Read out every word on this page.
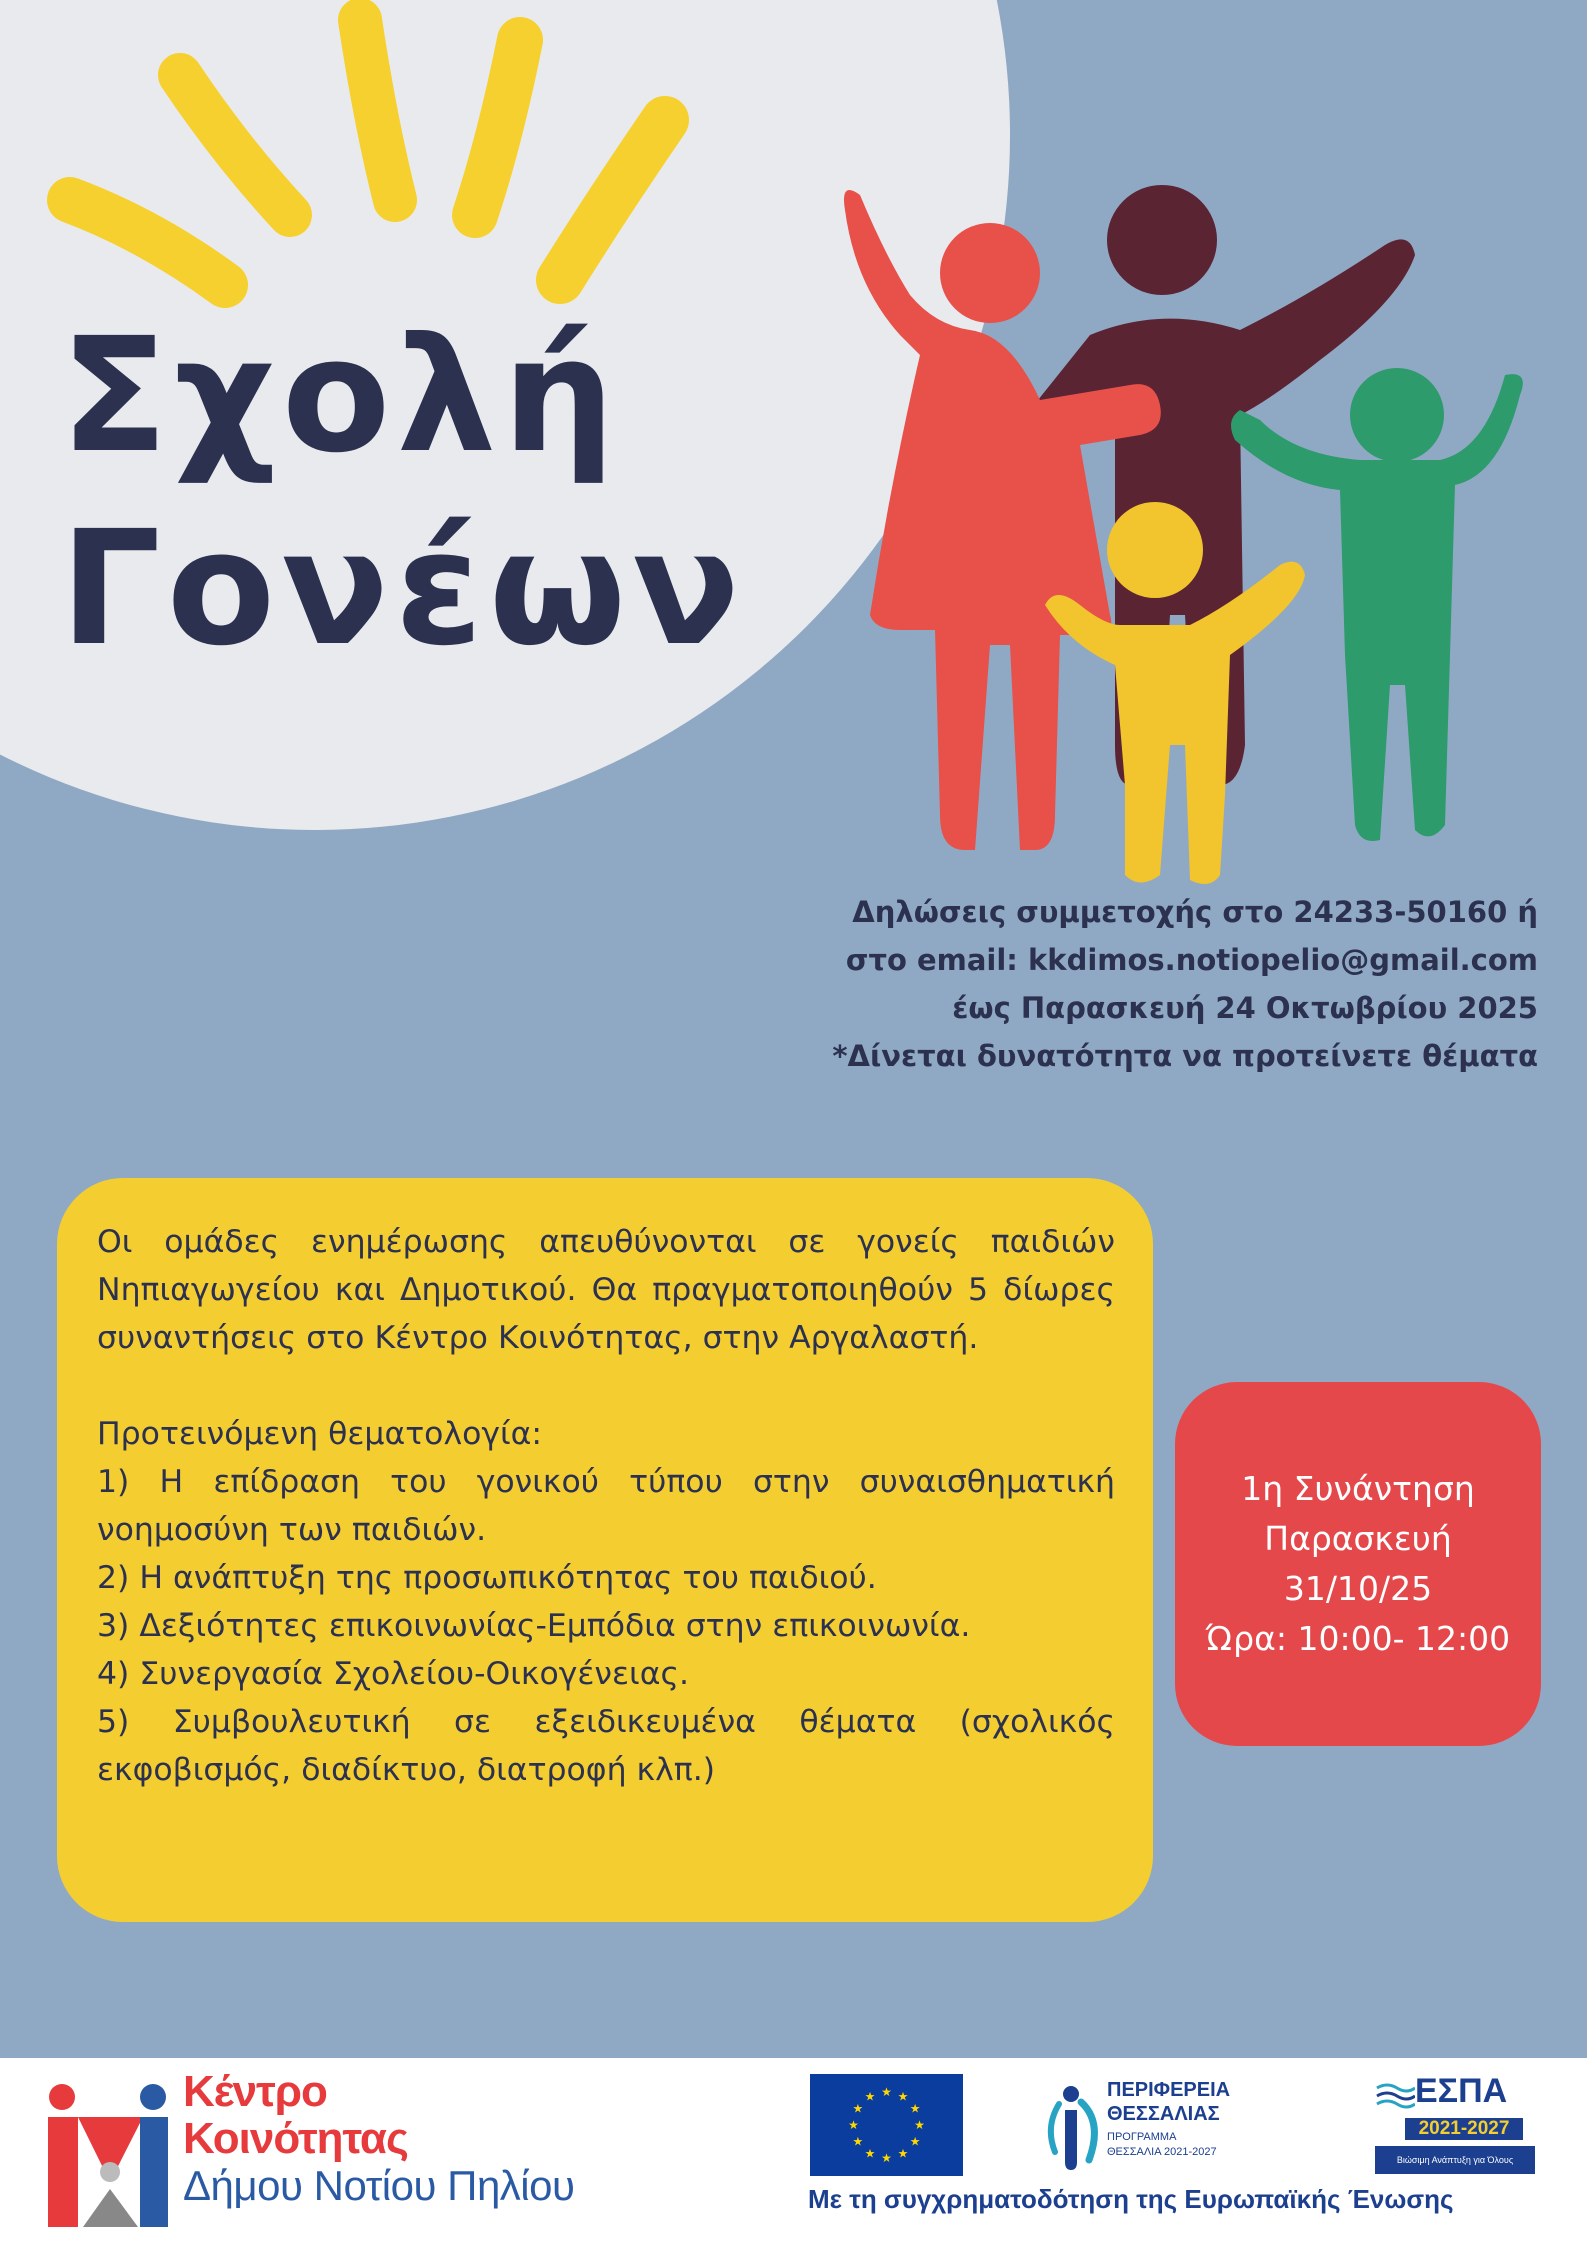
Σχολή
Γονέων
Δηλώσεις συμμετοχής στο 24233-50160 ή
στο email: kkdimos.notiopelio@gmail.com
έως Παρασκευή 24 Οκτωβρίου 2025
*Δίνεται δυνατότητα να προτείνετε θέματα

Οι ομάδες ενημέρωσης απευθύνονται σε γονείς παιδιών Νηπιαγωγείου και Δημοτικού. Θα πραγματοποιηθούν 5 δίωρες συναντήσεις στο Κέντρο Κοινότητας, στην Αργαλαστή.

Προτεινόμενη θεματολογία:

1) Η επίδραση του γονικού τύπου στην συναισθηματική νοημοσύνη των παιδιών.

2) Η ανάπτυξη της προσωπικότητας του παιδιού.

3) Δεξιότητες επικοινωνίας-Εμπόδια στην επικοινωνία.

4) Συνεργασία Σχολείου-Οικογένειας.

5) Συμβουλευτική σε εξειδικευμένα θέματα (σχολικός εκφοβισμός, διαδίκτυο, διατροφή κλπ.)

1η Συνάντηση
Παρασκευή
31/10/25
Ώρα: 10:00- 12:00
Κέντρο
Κοινότητας
Δήμου Νοτίου Πηλίου
★
★
★
★
★
★
★
★
★ ★ ★
★
ΠΕΡΙΦΕΡΕΙΑ
ΘΕΣΣΑΛΙΑΣ
ΠΡΟΓΡΑΜΜΑ
ΘΕΣΣΑΛΙΑ 2021-2027
ΕΣΠΑ
2021-2027
Βιώσιμη Ανάπτυξη για Όλους
Με τη συγχρηματοδότηση της Ευρωπαϊκής Ένωσης
